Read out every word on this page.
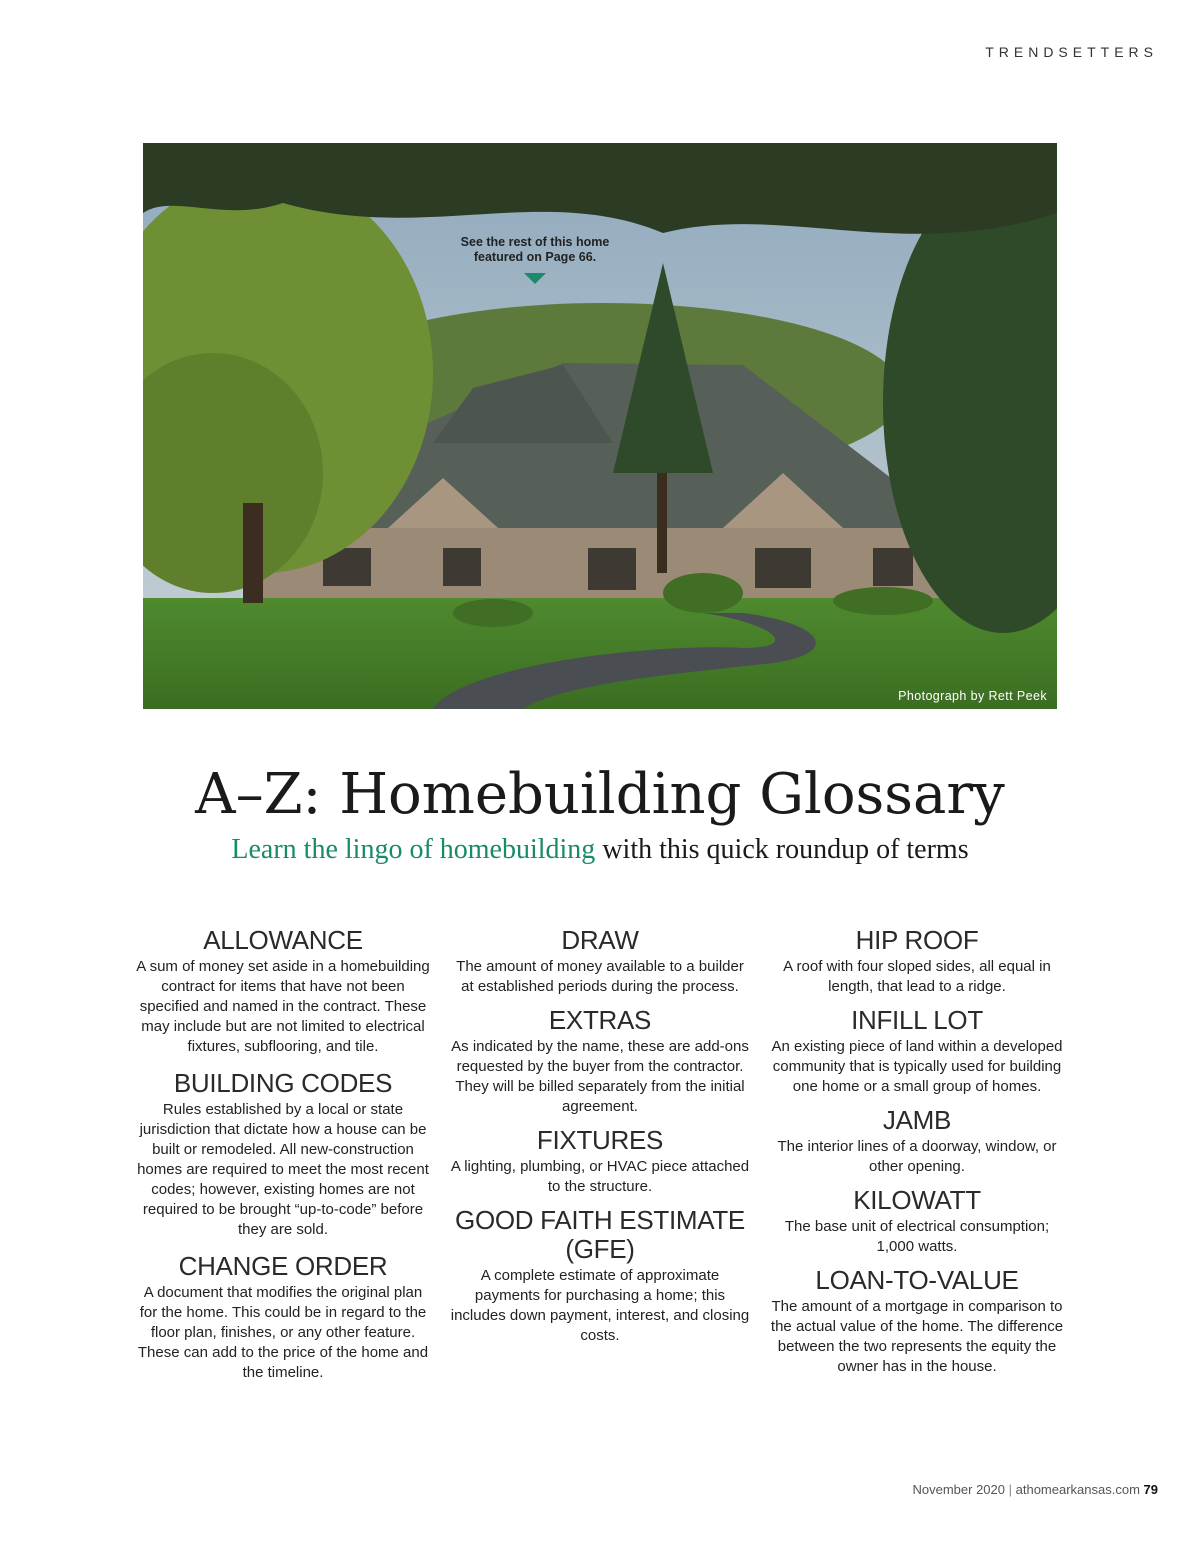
TRENDSETTERS
See the rest of this home featured on Page 66.
Photograph by Rett Peek
A–Z: Homebuilding Glossary

Learn the lingo of homebuilding with this quick roundup of terms

ALLOWANCE
A sum of money set aside in a homebuilding contract for items that have not been specified and named in the contract. These may include but are not limited to electrical fixtures, subflooring, and tile.
BUILDING CODES
Rules established by a local or state jurisdiction that dictate how a house can be built or remodeled. All new-construction homes are required to meet the most recent codes; however, existing homes are not required to be brought “up-to-code” before they are sold.
CHANGE ORDER
A document that modifies the original plan for the home. This could be in regard to the floor plan, finishes, or any other feature. These can add to the price of the home and the timeline.
DRAW
The amount of money available to a builder at established periods during the process.
EXTRAS
As indicated by the name, these are add-ons requested by the buyer from the contractor. They will be billed separately from the initial agreement.
FIXTURES
A lighting, plumbing, or HVAC piece attached to the structure.
GOOD FAITH ESTIMATE (GFE)
A complete estimate of approximate payments for purchasing a home; this includes down payment, interest, and closing costs.
HIP ROOF
A roof with four sloped sides, all equal in length, that lead to a ridge.
INFILL LOT
An existing piece of land within a developed community that is typically used for building one home or a small group of homes.
JAMB
The interior lines of a doorway, window, or other opening.
KILOWATT
The base unit of electrical consumption; 1,000 watts.
LOAN-TO-VALUE
The amount of a mortgage in comparison to the actual value of the home. The difference between the two represents the equity the owner has in the house.
November 2020 | athomearkansas.com 79
